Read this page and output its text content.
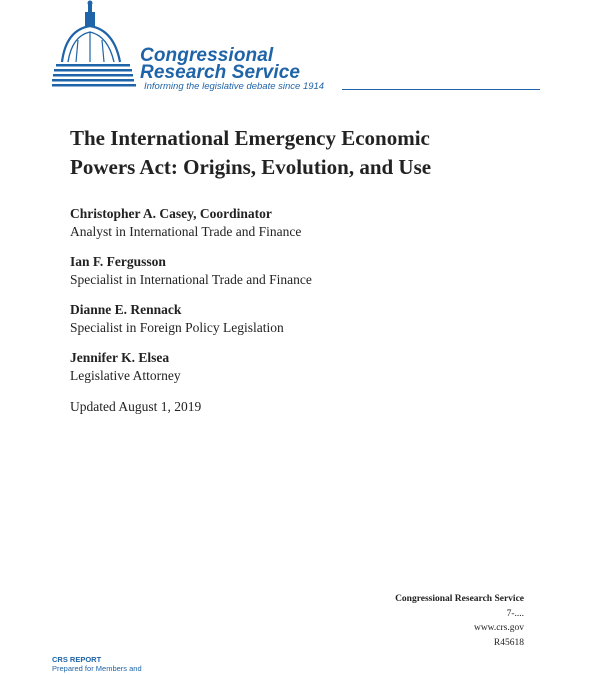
Congressional
Research Service
Informing the legislative debate since 1914
The International Emergency Economic Powers Act: Origins, Evolution, and Use
Christopher A. Casey, Coordinator
Analyst in International Trade and Finance
Ian F. Fergusson
Specialist in International Trade and Finance
Dianne E. Rennack
Specialist in Foreign Policy Legislation
Jennifer K. Elsea
Legislative Attorney
Updated August 1, 2019
Congressional Research Service
7-....
www.crs.gov
R45618
CRS REPORT
Prepared for Members and
